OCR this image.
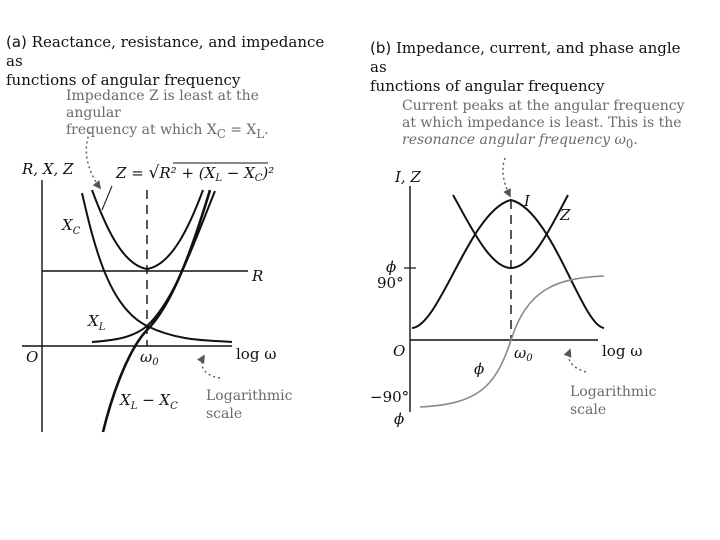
(a) Reactance, resistance, and impedance as
functions of angular frequency
(b) Impedance, current, and phase angle as
functions of angular frequency
Impedance Z is least at the angular
frequency at which $X_C = X_L$.
Current peaks at the angular frequency
at which impedance is least. This is the
resonance angular frequency $\omega_0$.
R, X, Z	$Z = √R^2 + (X_L - X_C)^2$
$X_C$
R
$X_L$
O	$\omega_0$	log ω
$X_L - X_C$
Logarithmic
scale
I, Z
I
Z
ϕ
90°
O	$\omega_0$	log ω
ϕ
−90°
ϕ
Logarithmic
scale
